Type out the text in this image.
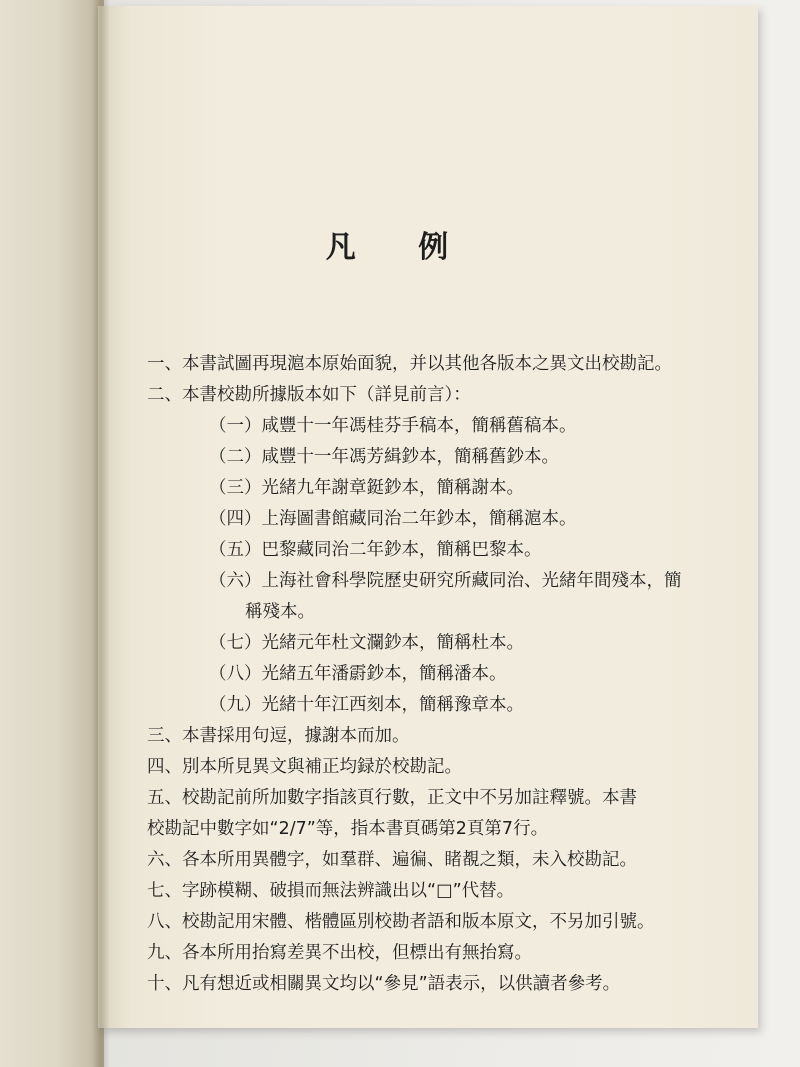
凡 例
一、本書試圖再現滬本原始面貌，并以其他各版本之異文出校勘記。
二、本書校勘所據版本如下（詳見前言）：
（一）咸豐十一年馮桂芬手稿本，簡稱舊稿本。
（二）咸豐十一年馮芳緝鈔本，簡稱舊鈔本。
（三）光緒九年謝章鋌鈔本，簡稱謝本。
（四）上海圖書館藏同治二年鈔本，簡稱滬本。
（五）巴黎藏同治二年鈔本，簡稱巴黎本。
（六）上海社會科學院歷史研究所藏同治、光緒年間殘本，簡
稱殘本。
（七）光緒元年杜文瀾鈔本，簡稱杜本。
（八）光緒五年潘霨鈔本，簡稱潘本。
（九）光緒十年江西刻本，簡稱豫章本。
三、本書採用句逗，據謝本而加。
四、別本所見異文與補正均録於校勘記。
五、校勘記前所加數字指該頁行數，正文中不另加註釋號。本書
校勘記中數字如“2/7”等，指本書頁碼第2頁第7行。
六、各本所用異體字，如羣群、遍徧、睹覩之類，未入校勘記。
七、字跡模糊、破損而無法辨識出以“□”代替。
八、校勘記用宋體、楷體區別校勘者語和版本原文，不另加引號。
九、各本所用抬寫差異不出校，但標出有無抬寫。
十、凡有想近或相關異文均以“參見”語表示，以供讀者參考。
